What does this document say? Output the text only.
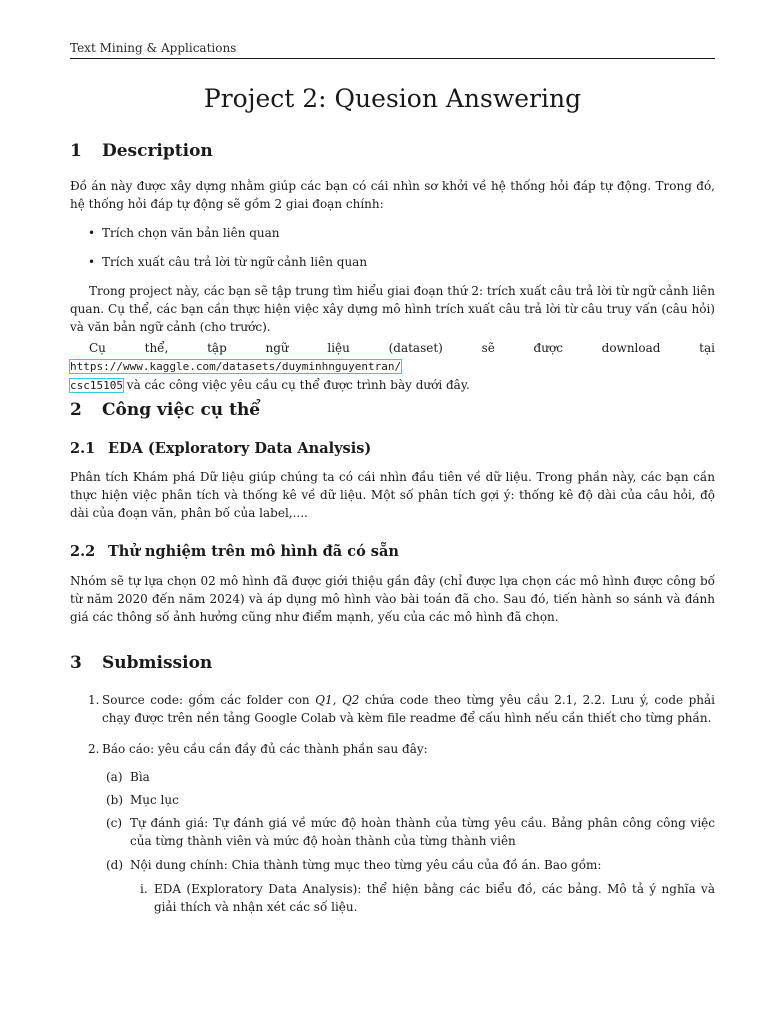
Text Mining & Applications
Project 2: Quesion Answering
1 Description

Đồ án này được xây dựng nhằm giúp các bạn có cái nhìn sơ khởi về hệ thống hỏi đáp tự động. Trong đó, hệ thống hỏi đáp tự động sẽ gồm 2 giai đoạn chính:

• Trích chọn văn bản liên quan

• Trích xuất câu trả lời từ ngữ cảnh liên quan

Trong project này, các bạn sẽ tập trung tìm hiểu giai đoạn thứ 2: trích xuất câu trả lời từ ngữ cảnh liên quan. Cụ thể, các bạn cần thực hiện việc xây dựng mô hình trích xuất câu trả lời từ câu truy vấn (câu hỏi) và văn bản ngữ cảnh (cho trước).

Cụ thể, tập ngữ liệu (dataset) sẽ được download tại https://www.kaggle.com/datasets/duyminhnguyentran/
csc15105 và các công việc yêu cầu cụ thể được trình bày dưới đây.

2 Công việc cụ thể
2.1 EDA (Exploratory Data Analysis)

Phân tích Khám phá Dữ liệu giúp chúng ta có cái nhìn đầu tiên về dữ liệu. Trong phần này, các bạn cần thực hiện việc phân tích và thống kê về dữ liệu. Một số phân tích gợi ý: thống kê độ dài của câu hỏi, độ dài của đoạn văn, phân bố của label,....

2.2 Thử nghiệm trên mô hình đã có sẵn

Nhóm sẽ tự lựa chọn 02 mô hình đã được giới thiệu gần đây (chỉ được lựa chọn các mô hình được công bố từ năm 2020 đến năm 2024) và áp dụng mô hình vào bài toán đã cho. Sau đó, tiến hành so sánh và đánh giá các thông số ảnh hưởng cũng như điểm mạnh, yếu của các mô hình đã chọn.

3 Submission

1. Source code: gồm các folder con Q1, Q2 chứa code theo từng yêu cầu 2.1, 2.2. Lưu ý, code phải chạy được trên nền tảng Google Colab và kèm file readme để cấu hình nếu cần thiết cho từng phần.

2. Báo cáo: yêu cầu cần đầy đủ các thành phần sau đây:

(a) Bìa

(b) Mục lục

(c) Tự đánh giá: Tự đánh giá về mức độ hoàn thành của từng yêu cầu. Bảng phân công công việc của từng thành viên và mức độ hoàn thành của từng thành viên

(d) Nội dung chính: Chia thành từng mục theo từng yêu cầu của đồ án. Bao gồm:

i. EDA (Exploratory Data Analysis): thể hiện bằng các biểu đồ, các bảng. Mô tả ý nghĩa và giải thích và nhận xét các số liệu.
